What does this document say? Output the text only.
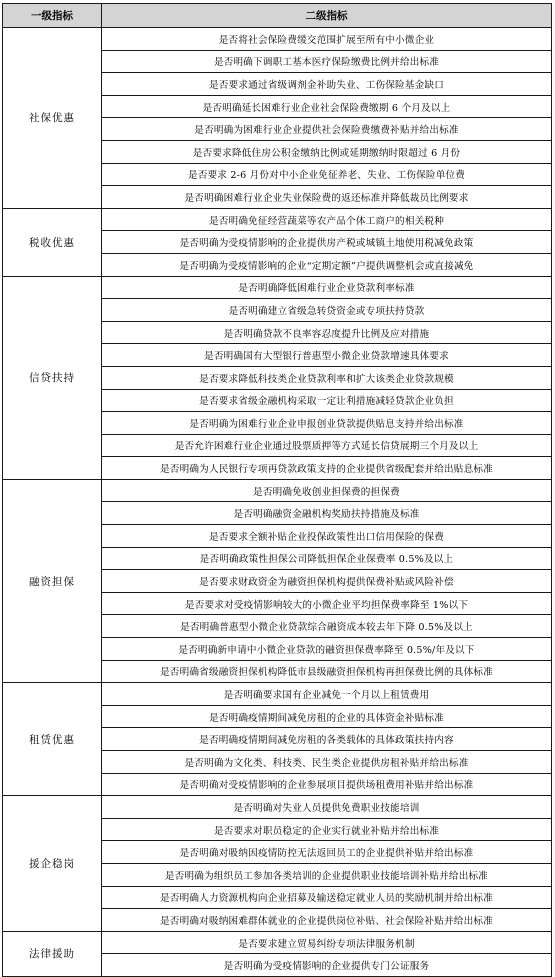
一级指标	二级指标
社保优惠	是否将社会保险费缓交范围扩展至所有中小微企业
	是否明确下调职工基本医疗保险缴费比例并给出标准
	是否要求通过省级调剂金补助失业、工伤保险基金缺口
	是否明确延长困难行业企业社会保险费缴期 6 个月及以上
	是否明确为困难行业企业提供社会保险费缴费补贴并给出标准
	是否要求降低住房公积金缴纳比例或延期缴纳时限超过 6 月份
	是否要求 2-6 月份对中小企业免征养老、失业、工伤保险单位费
	是否明确困难行业企业失业保险费的返还标准并降低裁员比例要求
税收优惠	是否明确免征经营蔬菜等农产品个体工商户的相关税种
	是否明确为受疫情影响的企业提供房产税或城镇土地使用税减免政策
	是否明确为受疫情影响的企业“定期定额”户提供调整机会或直接减免
信贷扶持	是否明确降低困难行业企业贷款利率标准
	是否明确建立省级急转贷资金或专项扶持贷款
	是否明确贷款不良率容忍度提升比例及应对措施
	是否明确国有大型银行普惠型小微企业贷款增速具体要求
	是否要求降低科技类企业贷款利率和扩大该类企业贷款规模
	是否要求省级金融机构采取一定让利措施减轻贷款企业负担
	是否明确为困难行业企业申报创业贷款提供贴息支持并给出标准
	是否允许困难行业企业通过股票质押等方式延长信贷展期三个月及以上
	是否明确为人民银行专项再贷款政策支持的企业提供省级配套并给出贴息标准
融资担保	是否明确免收创业担保费的担保费
	是否明确融资金融机构奖励扶持措施及标准
	是否要求全额补贴企业投保政策性出口信用保险的保费
	是否明确政策性担保公司降低担保企业保费率 0.5%及以上
	是否要求财政资金为融资担保机构提供保费补贴或风险补偿
	是否要求对受疫情影响较大的小微企业平均担保费率降至 1%以下
	是否明确普惠型小微企业贷款综合融资成本较去年下降 0.5%及以上
	是否明确新申请中小微企业贷款的融资担保费率降至 0.5%/年及以下
	是否明确省级融资担保机构降低市县级融资担保机构再担保费比例的具体标准
租赁优惠	是否明确要求国有企业减免一个月以上租赁费用
	是否明确疫情期间减免房租的企业的具体资金补贴标准
	是否明确疫情期间减免房租的各类载体的具体政策扶持内容
	是否明确为文化类、科技类、民生类企业提供房租补贴并给出标准
	是否明确对受疫情影响的企业参展项目提供场租费用补贴并给出标准
援企稳岗	是否明确对失业人员提供免费职业技能培训
	是否要求对职员稳定的企业实行就业补贴并给出标准
	是否明确对吸纳因疫情防控无法返回员工的企业提供补贴并给出标准
	是否明确为组织员工参加各类培训的企业提供职业技能培训补贴并给出标准
	是否明确人力资源机构向企业招募及输送稳定就业人员的奖励机制并给出标准
	是否明确对吸纳困难群体就业的企业提供岗位补贴、社会保险补贴并给出标准
法律援助	是否要求建立贸易纠纷专项法律服务机制
	是否明确为受疫情影响的企业提供专门公证服务
